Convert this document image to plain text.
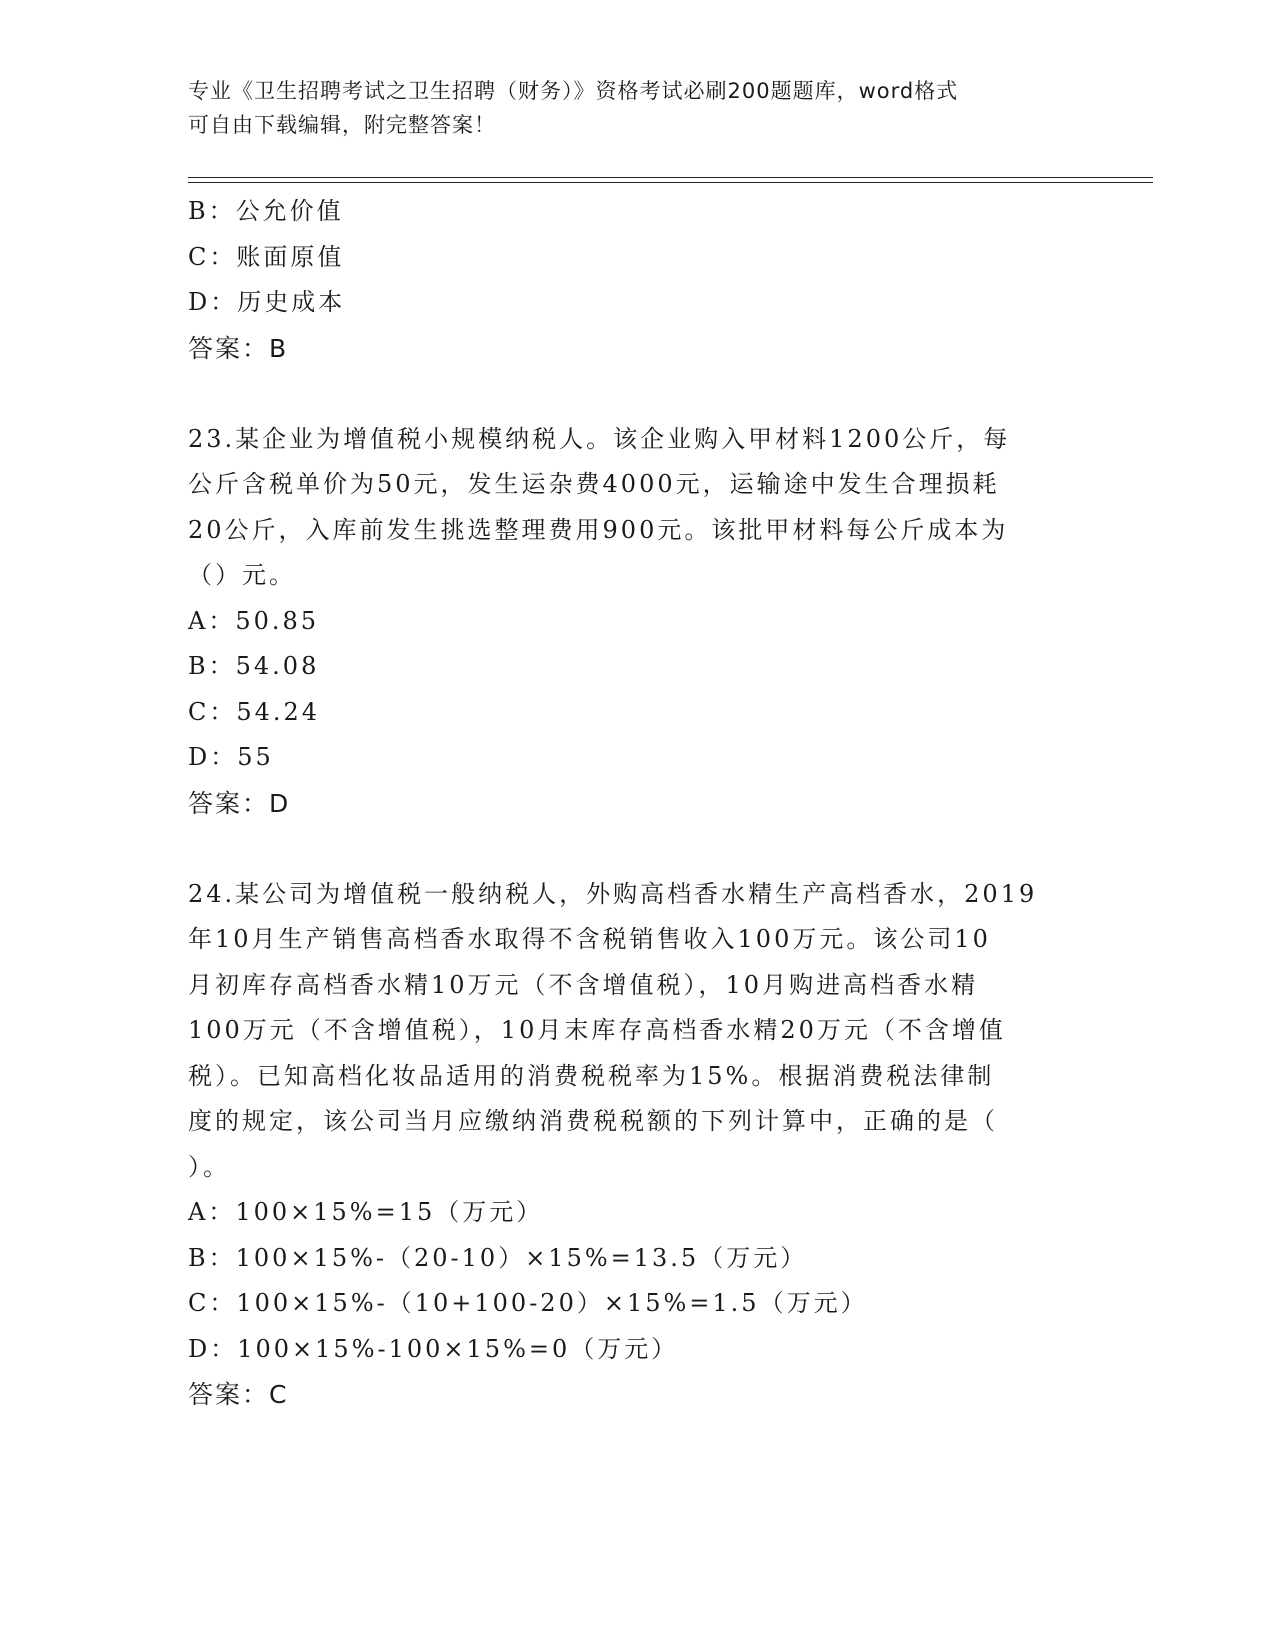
专业《卫生招聘考试之卫生招聘（财务）》资格考试必刷200题题库，word格式
可自由下载编辑，附完整答案！
B：公允价值
C：账面原值
D：历史成本
答案：B
23.某企业为增值税小规模纳税人。该企业购入甲材料1200公斤，每
公斤含税单价为50元，发生运杂费4000元，运输途中发生合理损耗
20公斤，入库前发生挑选整理费用900元。该批甲材料每公斤成本为
（）元。
A：50.85
B：54.08
C：54.24
D：55
答案：D
24.某公司为增值税一般纳税人，外购高档香水精生产高档香水，2019
年10月生产销售高档香水取得不含税销售收入100万元。该公司10
月初库存高档香水精10万元（不含增值税），10月购进高档香水精
100万元（不含增值税），10月末库存高档香水精20万元（不含增值
税）。已知高档化妆品适用的消费税税率为15%。根据消费税法律制
度的规定，该公司当月应缴纳消费税税额的下列计算中，正确的是（
）。
A：100×15%=15（万元）
B：100×15%-（20-10）×15%=13.5（万元）
C：100×15%-（10+100-20）×15%=1.5（万元）
D：100×15%-100×15%=0（万元）
答案：C
